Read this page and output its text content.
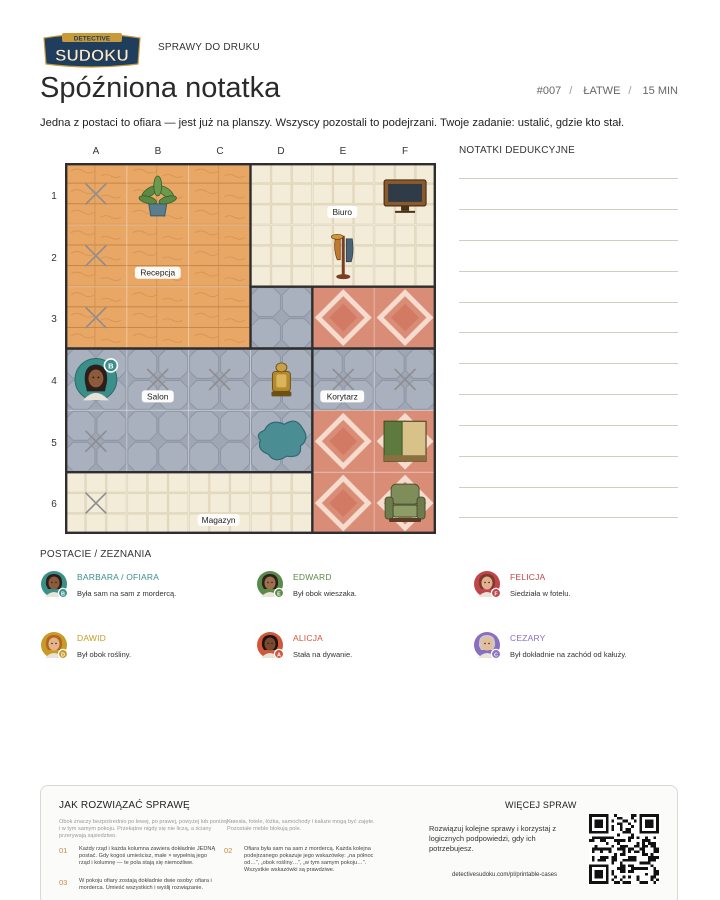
DETECTIVE
SUDOKU	SPRAWY DO DRUKU
Spóźniona notatka	#007 / ŁATWE / 15 MIN
Jedna z postaci to ofiara — jest już na planszy. Wszyscy pozostali to podejrzani. Twoje zadanie: ustalić, gdzie kto stał.
A	B	C	D	E	F
1
2
3
4
5
6
B
Biuro
Recepcja
Salon	Korytarz
Magazyn
NOTATKI DEDUKCYJNE
POSTACIE / ZEZNANIA
B
BARBARA / OFIARA
Była sam na sam z mordercą.	E
EDWARD
Był obok wieszaka.	F
FELICJA
Siedziała w fotelu.
D
DAWID
Był obok rośliny.	A
ALICJA
Stała na dywanie.	C
CEZARY
Był dokładnie na zachód od kałuży.
JAK ROZWIĄZAĆ SPRAWĘ
Obok znaczy bezpośrednio po lewej, po prawej, powyżej lub poniżej — i w tym samym pokoju. Przekątne nigdy się nie liczą, a ściany przerywają sąsiedztwo.
Krzesła, fotele, łóżka, samochody i kałuże mogą być zajęte. Pozostałe meble blokują pole.
01 Każdy rząd i każda kolumna zawiera dokładnie JEDNĄ postać. Gdy kogoś umieścisz, małe × wypełnią jego rząd i kolumnę — te pola stają się niemożliwe.
02 Ofiara była sam na sam z mordercą. Każda kolejna podejrzanego pokazuje jego wskazówkę: „na północ od…”, „obok rośliny…”, „w tym samym pokoju…”. Wszystkie wskazówki są prawdziwe.
03 W pokoju ofiary zostają dokładnie dwie osoby: ofiara i morderca. Umieść wszystkich i wyślij rozwiązanie.
WIĘCEJ SPRAW
Rozwiązuj kolejne sprawy i korzystaj z logicznych podpowiedzi, gdy ich potrzebujesz.
detectivesudoku.com/pl/printable-cases
